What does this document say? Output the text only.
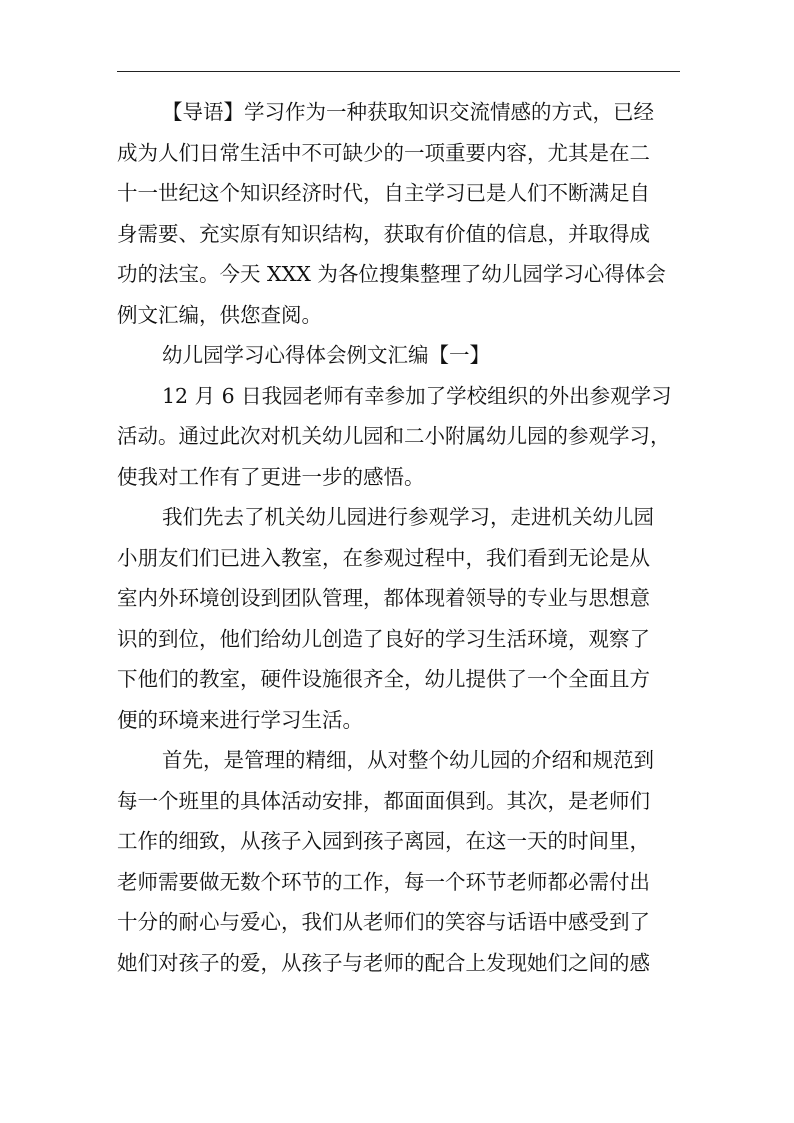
【导语】学习作为一种获取知识交流情感的方式，已经
成为人们日常生活中不可缺少的一项重要内容，尤其是在二
十一世纪这个知识经济时代，自主学习已是人们不断满足自
身需要、充实原有知识结构，获取有价值的信息，并取得成
功的法宝。今天 XXX 为各位搜集整理了幼儿园学习心得体会
例文汇编，供您查阅。
幼儿园学习心得体会例文汇编【一】
12 月 6 日我园老师有幸参加了学校组织的外出参观学习
活动。通过此次对机关幼儿园和二小附属幼儿园的参观学习，
使我对工作有了更进一步的感悟。
我们先去了机关幼儿园进行参观学习，走进机关幼儿园
小朋友们们已进入教室，在参观过程中，我们看到无论是从
室内外环境创设到团队管理，都体现着领导的专业与思想意
识的到位，他们给幼儿创造了良好的学习生活环境，观察了
下他们的教室，硬件设施很齐全，幼儿提供了一个全面且方
便的环境来进行学习生活。
首先，是管理的精细，从对整个幼儿园的介绍和规范到
每一个班里的具体活动安排，都面面俱到。其次，是老师们
工作的细致，从孩子入园到孩子离园，在这一天的时间里，
老师需要做无数个环节的工作，每一个环节老师都必需付出
十分的耐心与爱心，我们从老师们的笑容与话语中感受到了
她们对孩子的爱，从孩子与老师的配合上发现她们之间的感
